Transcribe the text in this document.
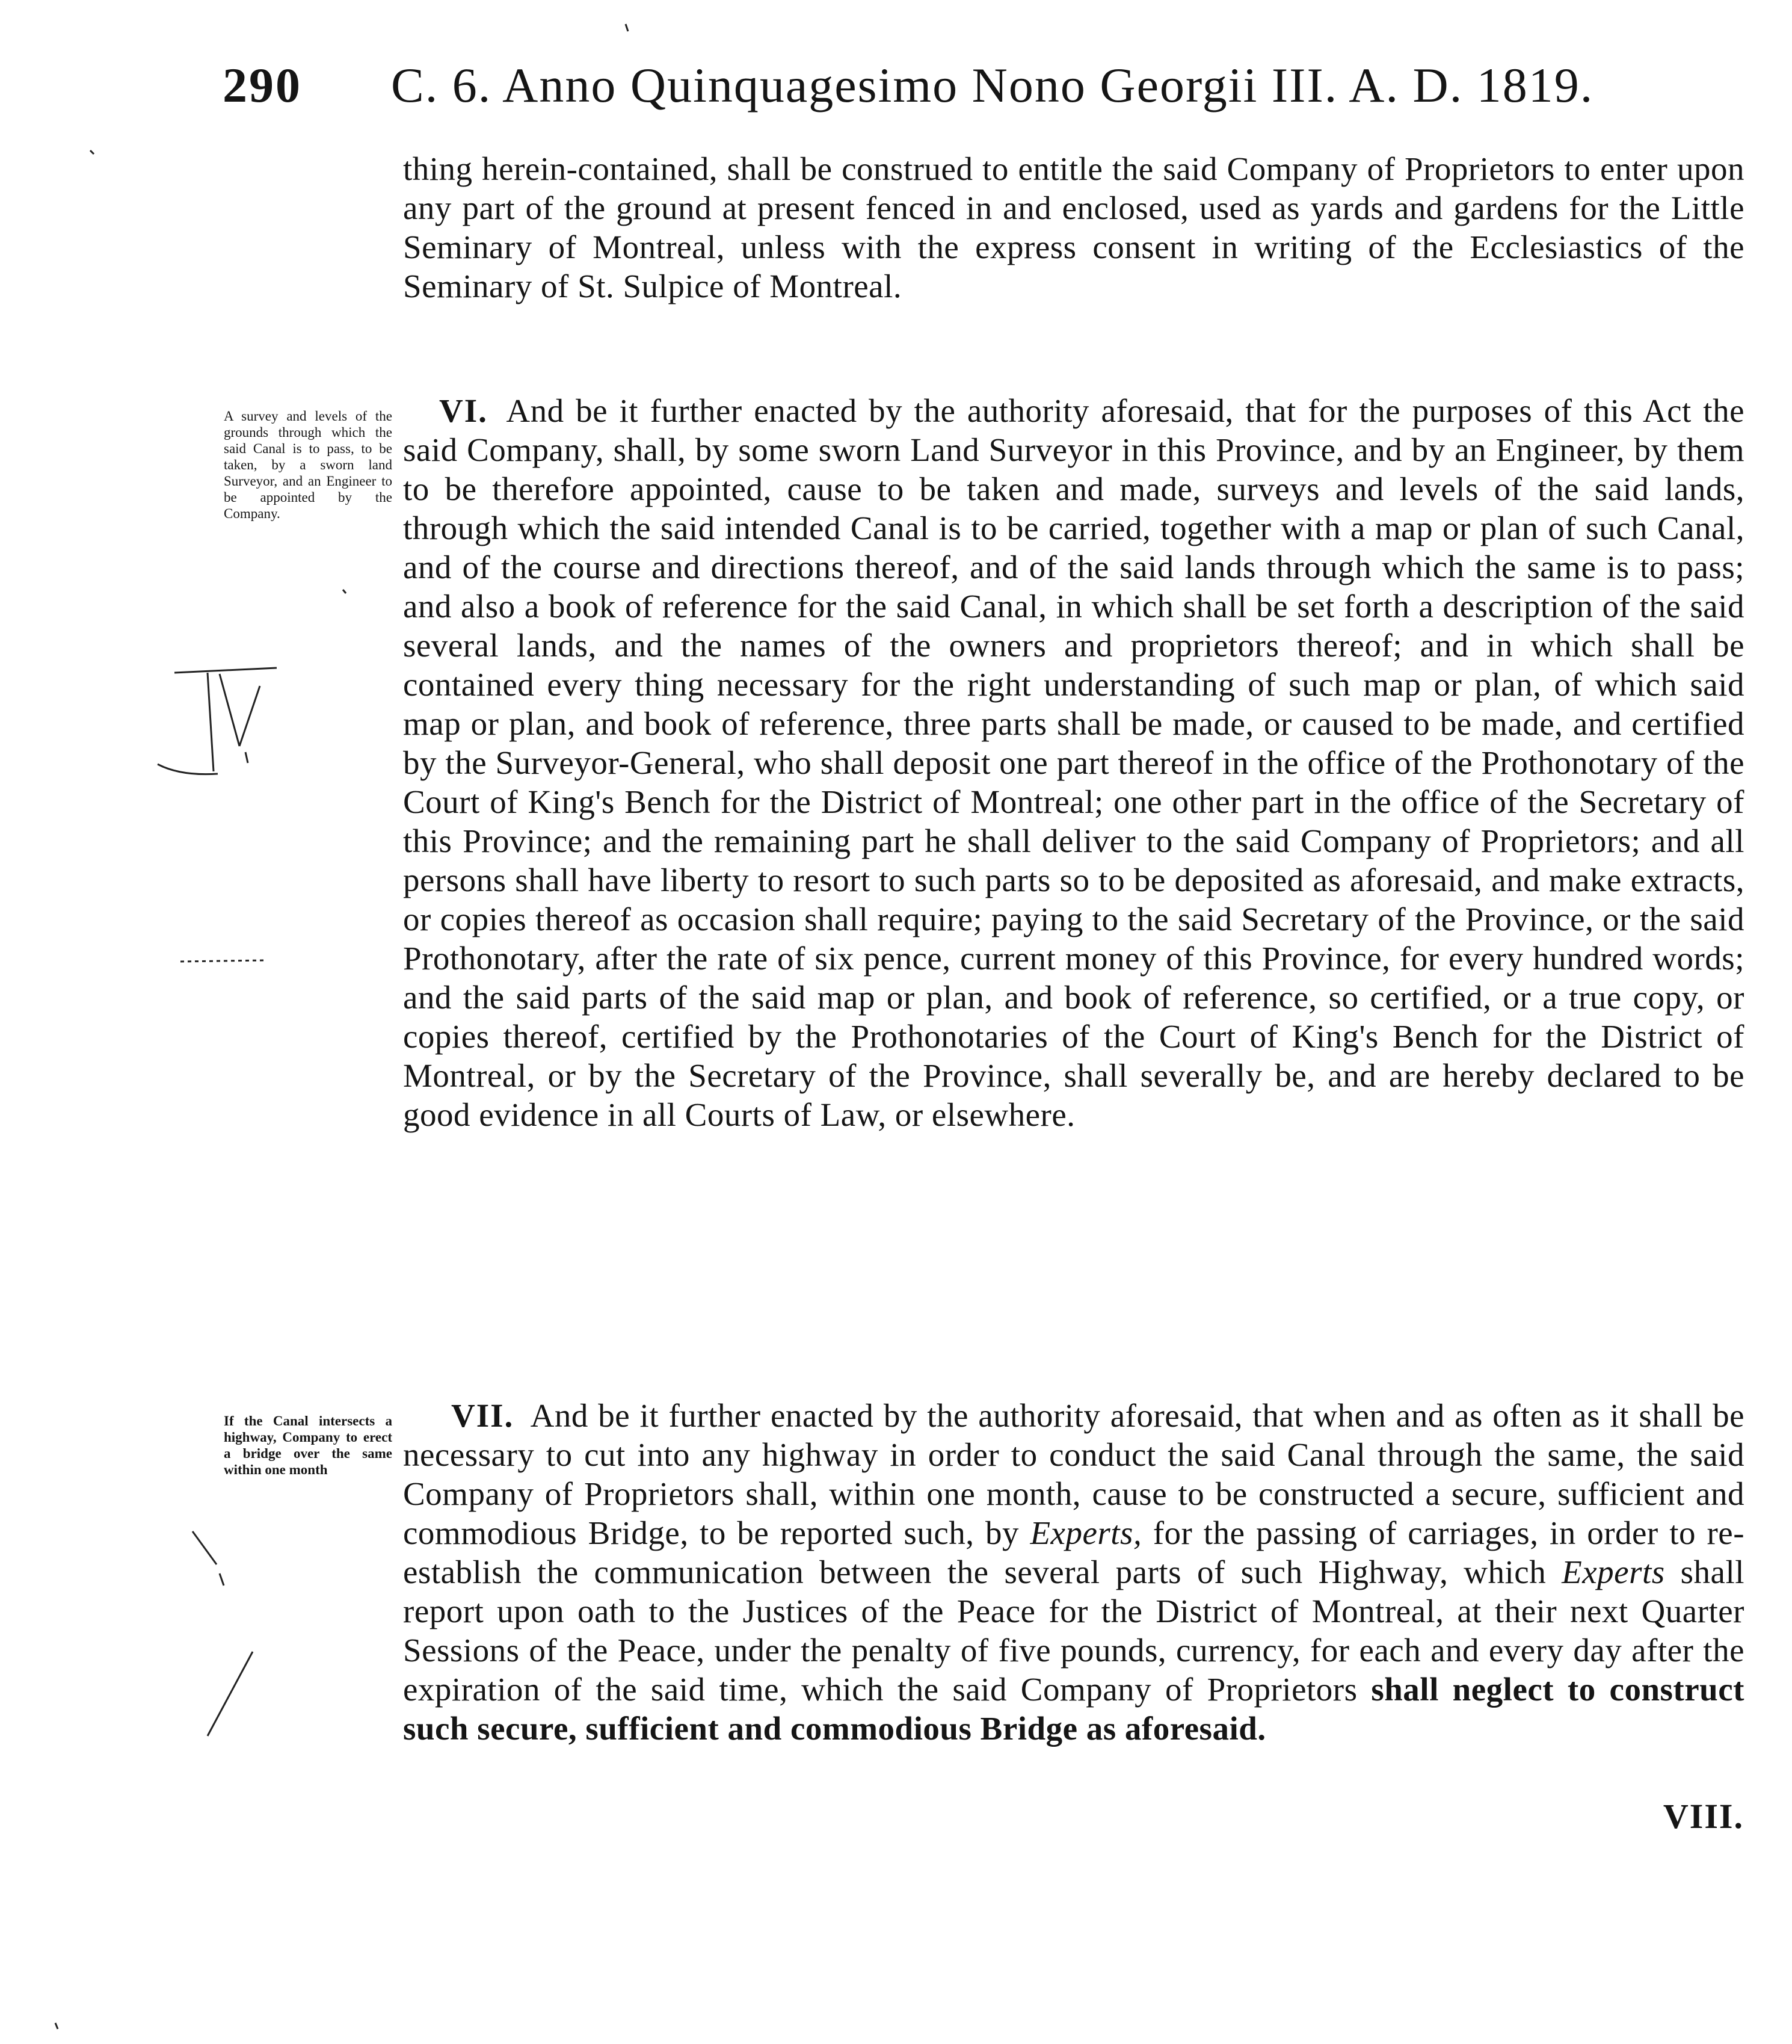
290 C. 6. Anno Quinquagesimo Nono Georgii III. A. D. 1819.
thing herein-contained, shall be construed to entitle the said Company of Proprietors to enter upon any part of the ground at present fenced in and enclosed, used as yards and gardens for the Little Seminary of Montreal, unless with the express consent in writing of the Ecclesiastics of the Seminary of St. Sulpice of Montreal.
A survey and levels of the grounds through which the said Canal is to pass, to be taken, by a sworn land Surveyor, and an Engineer to be appointed by the Company.
VI. And be it further enacted by the authority aforesaid, that for the purposes of this Act the said Company, shall, by some sworn Land Surveyor in this Province, and by an Engineer, by them to be therefore appointed, cause to be taken and made, surveys and levels of the said lands, through which the said intended Canal is to be carried, together with a map or plan of such Canal, and of the course and directions thereof, and of the said lands through which the same is to pass; and also a book of reference for the said Canal, in which shall be set forth a description of the said several lands, and the names of the owners and proprietors thereof; and in which shall be contained every thing necessary for the right understanding of such map or plan, of which said map or plan, and book of reference, three parts shall be made, or caused to be made, and certified by the Surveyor-General, who shall deposit one part thereof in the office of the Prothonotary of the Court of King's Bench for the District of Montreal; one other part in the office of the Secretary of this Province; and the remaining part he shall deliver to the said Company of Proprietors; and all persons shall have liberty to resort to such parts so to be deposited as aforesaid, and make extracts, or copies thereof as occasion shall require; paying to the said Secretary of the Province, or the said Prothonotary, after the rate of six pence, current money of this Province, for every hundred words; and the said parts of the said map or plan, and book of reference, so certified, or a true copy, or copies thereof, certified by the Prothonotaries of the Court of King's Bench for the District of Montreal, or by the Secretary of the Province, shall severally be, and are hereby declared to be good evidence in all Courts of Law, or elsewhere.
If the Canal intersects a highway, Company to erect a bridge over the same within one month
VII. And be it further enacted by the authority aforesaid, that when and as often as it shall be necessary to cut into any highway in order to conduct the said Canal through the same, the said Company of Proprietors shall, within one month, cause to be constructed a secure, sufficient and commodious Bridge, to be reported such, by Experts, for the passing of carriages, in order to re-establish the communication between the several parts of such Highway, which Experts shall report upon oath to the Justices of the Peace for the District of Montreal, at their next Quarter Sessions of the Peace, under the penalty of five pounds, currency, for each and every day after the expiration of the said time, which the said Company of Proprietors shall neglect to construct such secure, sufficient and commodious Bridge as aforesaid.
VIII.
